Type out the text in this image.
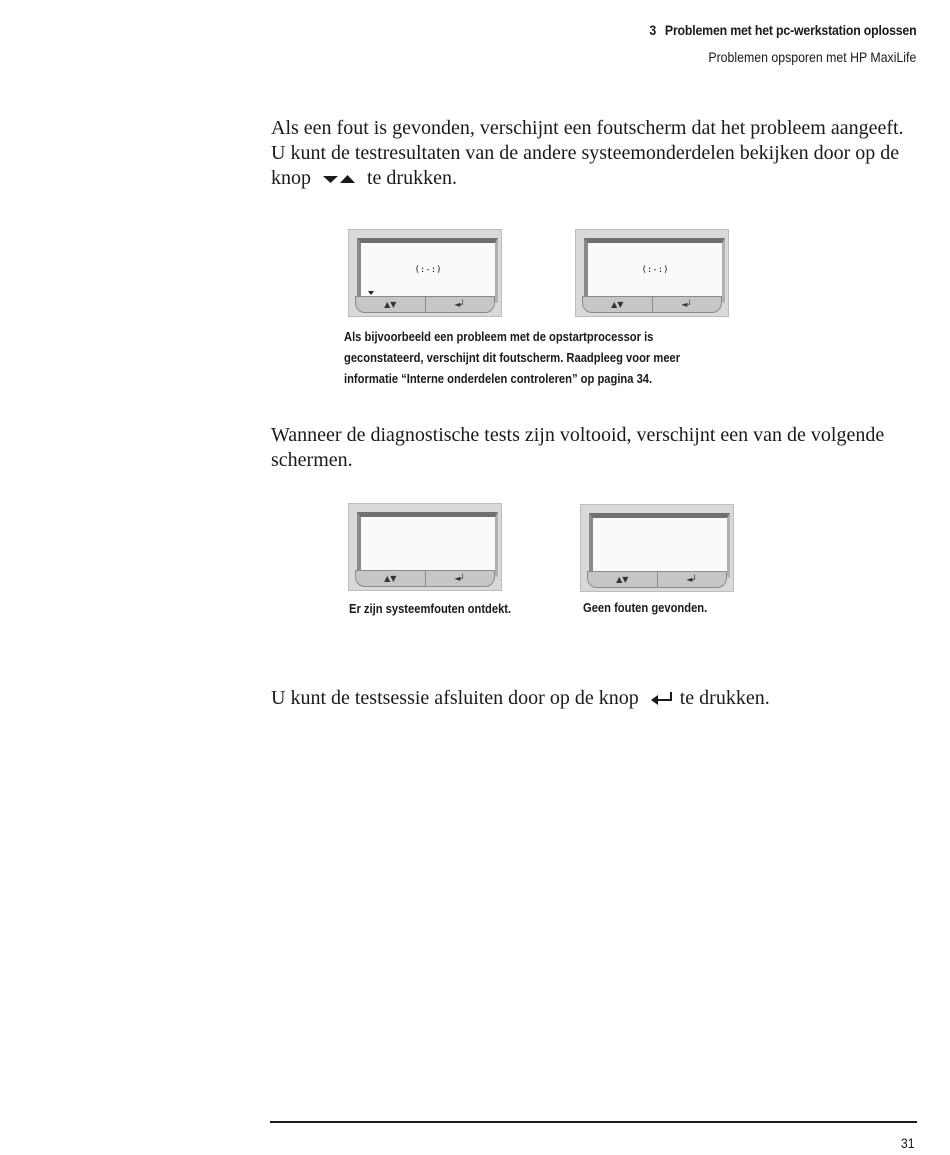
3 Problemen met het pc-werkstation oplossen
Problemen opsporen met HP MaxiLife

Als een fout is gevonden, verschijnt een foutscherm dat het probleem aangeeft. U kunt de testresultaten van de andere systeemonderdelen bekijken door op de knop	te drukken.

(:-:)
▲▼	◄┘
(:-:)
▲▼	◄┘
Als bijvoorbeeld een probleem met de opstartprocessor is
geconstateerd, verschijnt dit foutscherm. Raadpleeg voor meer
informatie “Interne onderdelen controleren” op pagina 34.

Wanneer de diagnostische tests zijn voltooid, verschijnt een van de volgende schermen.

▲▼	◄┘	▲▼	◄┘
Er zijn systeemfouten ontdekt.	Geen fouten gevonden.

U kunt de testsessie afsluiten door op de knop te drukken.

31
